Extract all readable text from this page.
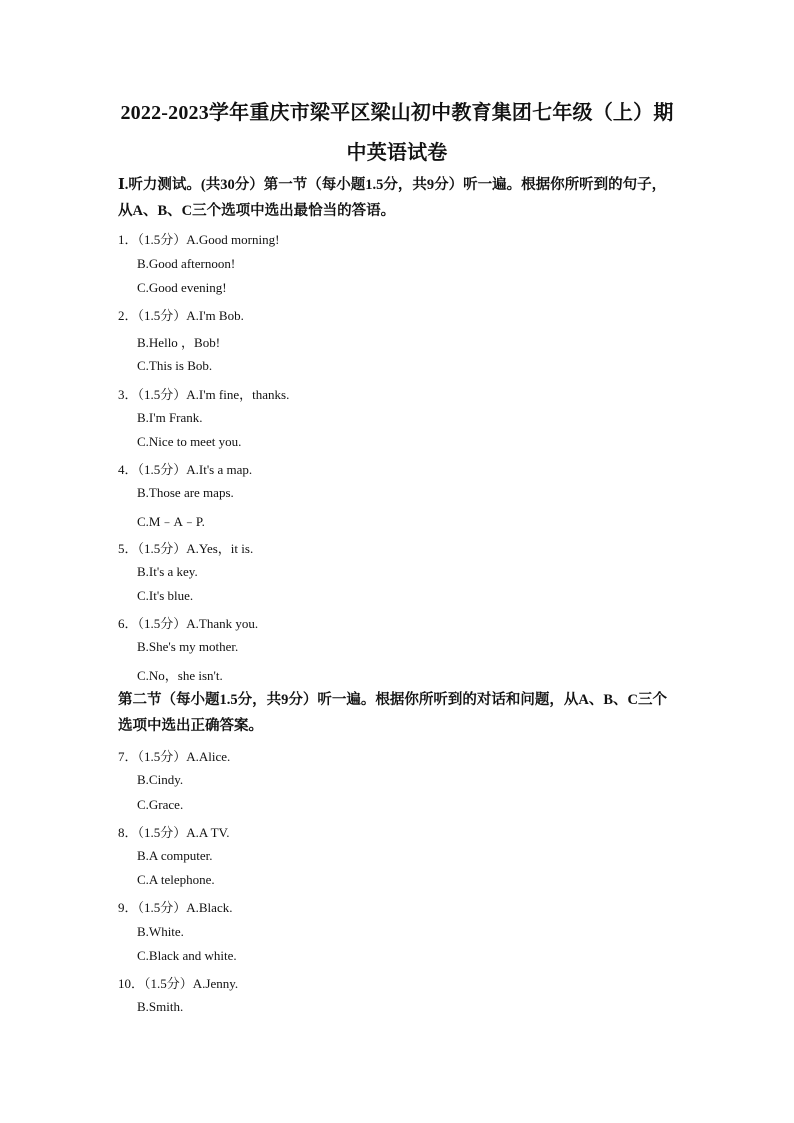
2022-2023学年重庆市梁平区梁山初中教育集团七年级（上）期
中英语试卷
Ⅰ.听力测试。(共30分）第一节（每小题1.5分，共9分）听一遍。根据你所听到的句子，
从A、B、C三个选项中选出最恰当的答语。
1．（1.5分）A.Good morning!
B.Good afternoon!
C.Good evening!
2．（1.5分）A.I'm Bob.
B.Hello ，Bob!
C.This is Bob.
3．（1.5分）A.I'm fine，thanks.
B.I'm Frank.
C.Nice to meet you.
4．（1.5分）A.It's a map.
B.Those are maps.
C.M﹣A﹣P.
5．（1.5分）A.Yes，it is.
B.It's a key.
C.It's blue.
6．（1.5分）A.Thank you.
B.She's my mother.
C.No，she isn't.
第二节（每小题1.5分，共9分）听一遍。根据你所听到的对话和问题，从A、B、C三个
选项中选出正确答案。
7．（1.5分）A.Alice.
B.Cindy.
C.Grace.
8．（1.5分）A.A TV.
B.A computer.
C.A telephone.
9．（1.5分）A.Black.
B.White.
C.Black and white.
10．（1.5分）A.Jenny.
B.Smith.
